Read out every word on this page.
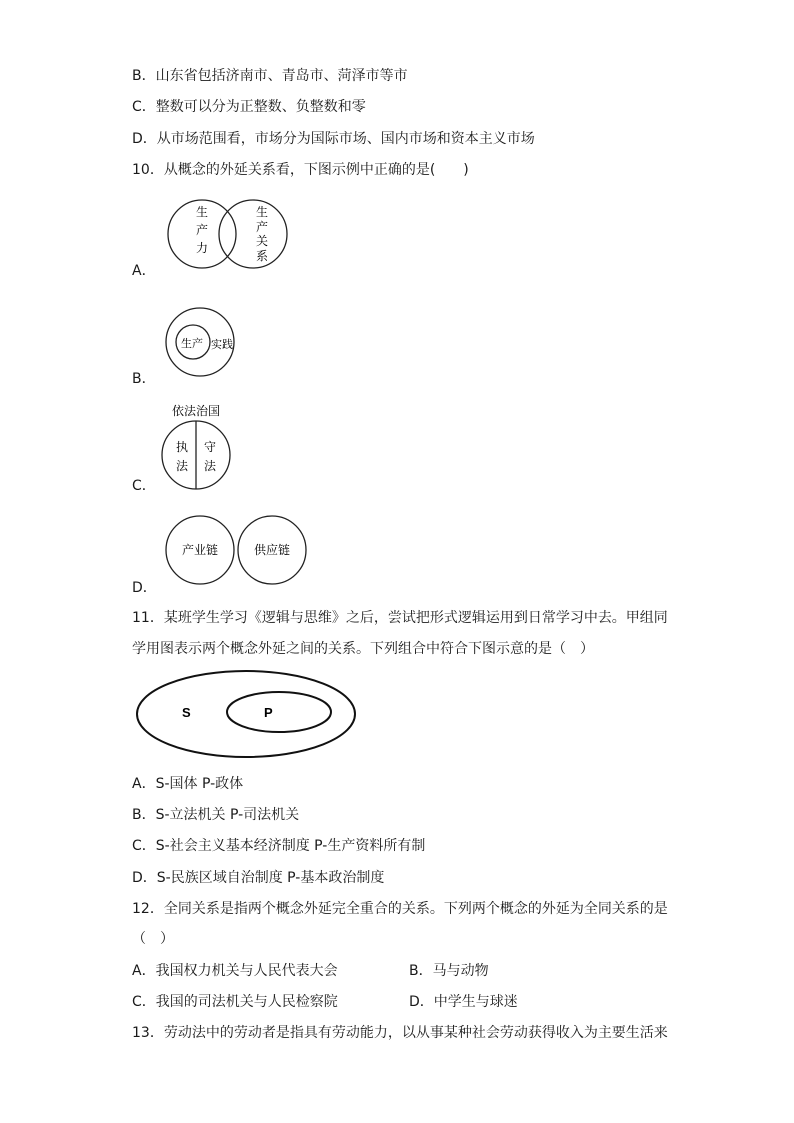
B．山东省包括济南市、青岛市、菏泽市等市
C．整数可以分为正整数、负整数和零
D．从市场范围看，市场分为国际市场、国内市场和资本主义市场
10．从概念的外延关系看，下图示例中正确的是(　　)
A．
生
产
力
生
产
关
系
B．
生产 实践
C．
依法治国
执
法
守
法
D．
产业链	供应链
11．某班学生学习《逻辑与思维》之后，尝试把形式逻辑运用到日常学习中去。甲组同
学用图表示两个概念外延之间的关系。下列组合中符合下图示意的是（　）
S	P
A．S-国体 P-政体
B．S-立法机关 P-司法机关
C．S-社会主义基本经济制度 P-生产资料所有制
D．S-民族区域自治制度 P-基本政治制度
12．全同关系是指两个概念外延完全重合的关系。下列两个概念的外延为全同关系的是
（　）
A．我国权力机关与人民代表大会	B．马与动物
C．我国的司法机关与人民检察院	D．中学生与球迷
13．劳动法中的劳动者是指具有劳动能力，以从事某种社会劳动获得收入为主要生活来
